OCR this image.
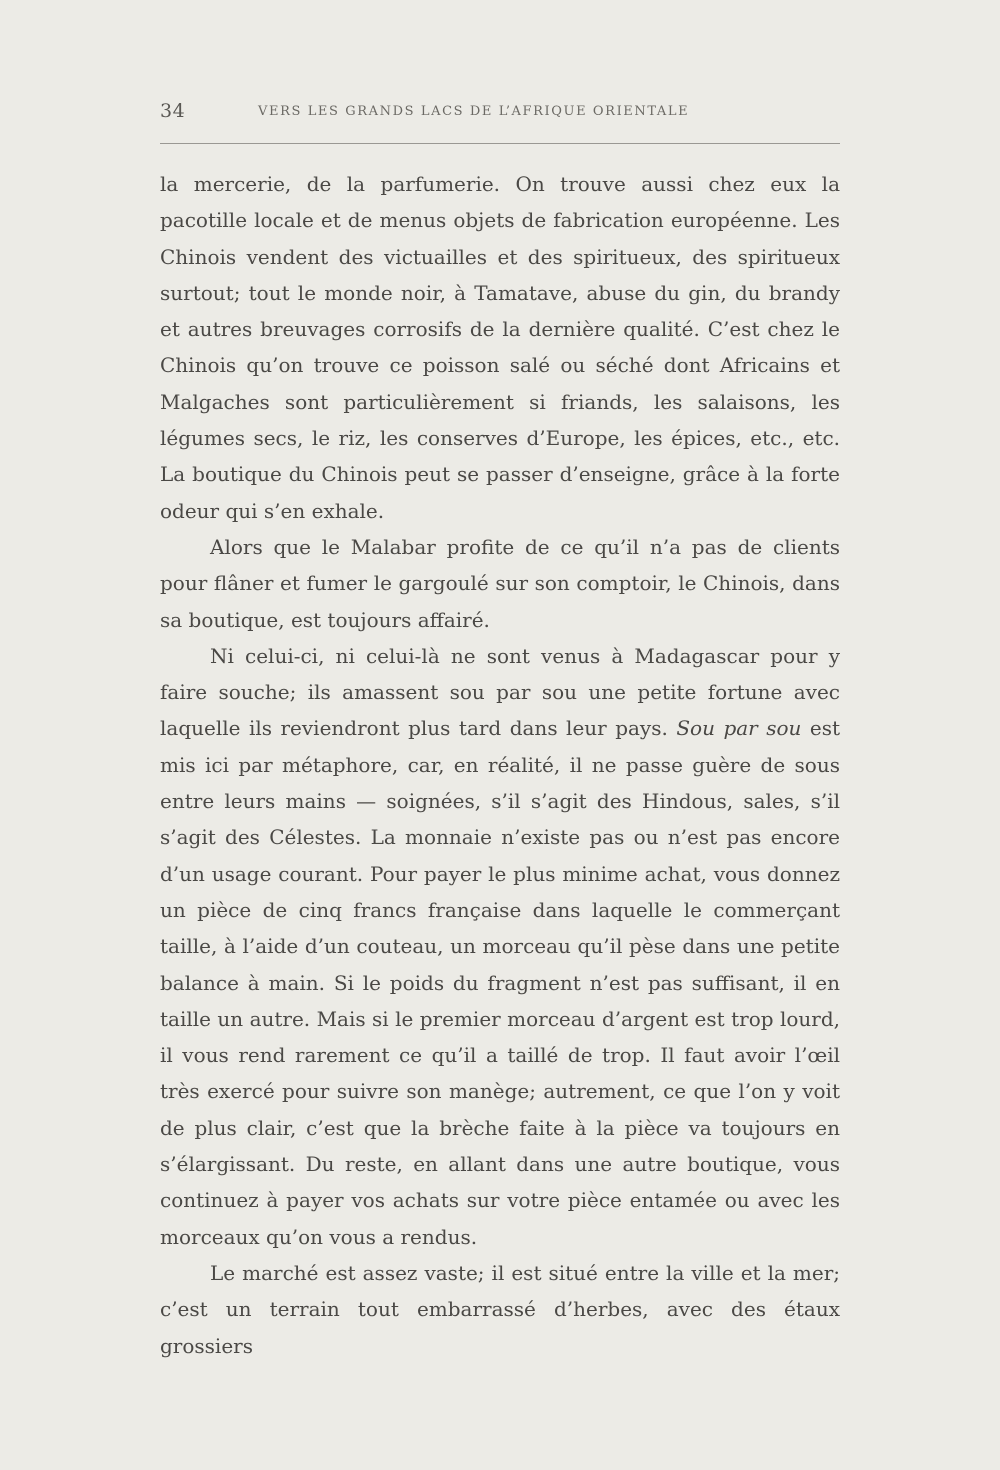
34	VERS LES GRANDS LACS DE L’AFRIQUE ORIENTALE

la mercerie, de la parfumerie. On trouve aussi chez eux la pacotille locale et de menus objets de fabrication européenne. Les Chinois vendent des victuailles et des spiritueux, des spiritueux surtout; tout le monde noir, à Tamatave, abuse du gin, du brandy et autres breuvages corrosifs de la dernière qualité. C’est chez le Chinois qu’on trouve ce poisson salé ou séché dont Africains et Malgaches sont particulièrement si friands, les salaisons, les légumes secs, le riz, les conserves d’Europe, les épices, etc., etc. La boutique du Chinois peut se passer d’enseigne, grâce à la forte odeur qui s’en exhale.

Alors que le Malabar profite de ce qu’il n’a pas de clients pour flâner et fumer le gargoulé sur son comptoir, le Chinois, dans sa boutique, est toujours affairé.

Ni celui-ci, ni celui-là ne sont venus à Madagascar pour y faire souche; ils amassent sou par sou une petite fortune avec laquelle ils reviendront plus tard dans leur pays. Sou par sou est mis ici par métaphore, car, en réalité, il ne passe guère de sous entre leurs mains — soignées, s’il s’agit des Hindous, sales, s’il s’agit des Célestes. La monnaie n’existe pas ou n’est pas encore d’un usage courant. Pour payer le plus minime achat, vous donnez un pièce de cinq francs française dans laquelle le commerçant taille, à l’aide d’un couteau, un morceau qu’il pèse dans une petite balance à main. Si le poids du fragment n’est pas suffisant, il en taille un autre. Mais si le premier morceau d’argent est trop lourd, il vous rend rarement ce qu’il a taillé de trop. Il faut avoir l’œil très exercé pour suivre son manège; autrement, ce que l’on y voit de plus clair, c’est que la brèche faite à la pièce va toujours en s’élargissant. Du reste, en allant dans une autre boutique, vous continuez à payer vos achats sur votre pièce entamée ou avec les morceaux qu’on vous a rendus.

Le marché est assez vaste; il est situé entre la ville et la mer; c’est un terrain tout embarrassé d’herbes, avec des étaux grossiers
